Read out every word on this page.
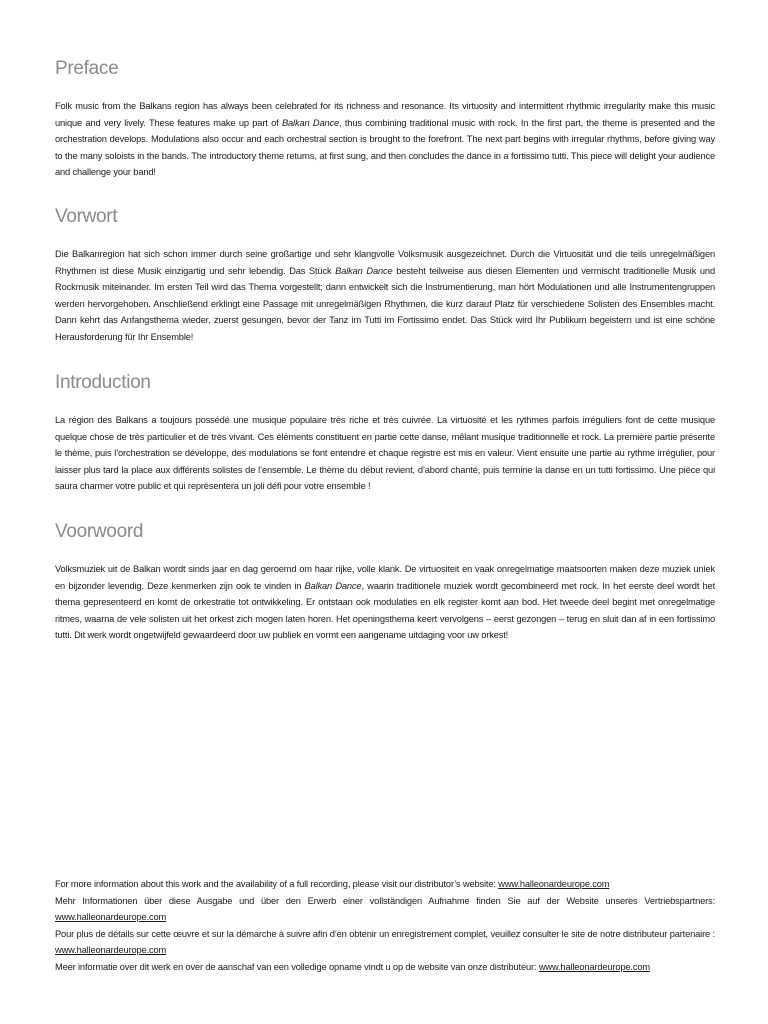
Preface

Folk music from the Balkans region has always been celebrated for its richness and resonance. Its virtuosity and intermittent rhythmic irregularity make this music unique and very lively. These features make up part of Balkan Dance, thus combining traditional music with rock. In the first part, the theme is presented and the orchestration develops. Modulations also occur and each orchestral section is brought to the forefront. The next part begins with irregular rhythms, before giving way to the many soloists in the bands. The introductory theme returns, at first sung, and then concludes the dance in a fortissimo tutti. This piece will delight your audience and challenge your band!

Vorwort

Die Balkanregion hat sich schon immer durch seine großartige und sehr klangvolle Volksmusik ausgezeichnet. Durch die Virtuosität und die teils unregelmäßigen Rhythmen ist diese Musik einzigartig und sehr lebendig. Das Stück Balkan Dance besteht teilweise aus diesen Elementen und vermischt traditionelle Musik und Rockmusik miteinander. Im ersten Teil wird das Thema vorgestellt; dann entwickelt sich die Instrumentierung, man hört Modulationen und alle Instrumentengruppen werden hervorgehoben. Anschließend erklingt eine Passage mit unregelmäßigen Rhythmen, die kurz darauf Platz für verschiedene Solisten des Ensembles macht. Dann kehrt das Anfangsthema wieder, zuerst gesungen, bevor der Tanz im Tutti im Fortissimo endet. Das Stück wird Ihr Publikum begeistern und ist eine schöne Herausforderung für Ihr Ensemble!

Introduction

La région des Balkans a toujours possédé une musique populaire très riche et très cuivrée. La virtuosité et les rythmes parfois irréguliers font de cette musique quelque chose de très particulier et de très vivant. Ces éléments constituent en partie cette danse, mêlant musique traditionnelle et rock. La première partie présente le thème, puis l’orchestration se développe, des modulations se font entendre et chaque registre est mis en valeur. Vient ensuite une partie au rythme irrégulier, pour laisser plus tard la place aux différents solistes de l’ensemble. Le thème du début revient, d’abord chanté, puis termine la danse en un tutti fortissimo. Une pièce qui saura charmer votre public et qui représentera un joli défi pour votre ensemble !

Voorwoord

Volksmuziek uit de Balkan wordt sinds jaar en dag geroemd om haar rijke, volle klank. De virtuositeit en vaak onregelmatige maatsoorten maken deze muziek uniek en bijzonder levendig. Deze kenmerken zijn ook te vinden in Balkan Dance, waarin traditionele muziek wordt gecombineerd met rock. In het eerste deel wordt het thema gepresenteerd en komt de orkestratie tot ontwikkeling. Er ontstaan ook modulaties en elk register komt aan bod. Het tweede deel begint met onregelmatige ritmes, waarna de vele solisten uit het orkest zich mogen laten horen. Het openingsthema keert vervolgens – eerst gezongen – terug en sluit dan af in een fortissimo tutti. Dit werk wordt ongetwijfeld gewaardeerd door uw publiek en vormt een aangename uitdaging voor uw orkest!

For more information about this work and the availability of a full recording, please visit our distributor’s website: www.halleonardeurope.com

Mehr Informationen über diese Ausgabe und über den Erwerb einer vollständigen Aufnahme finden Sie auf der Website unseres Vertriebspartners: www.halleonardeurope.com

Pour plus de détails sur cette œuvre et sur la démarche à suivre afin d’en obtenir un enregistrement complet, veuillez consulter le site de notre distributeur partenaire : www.halleonardeurope.com

Meer informatie over dit werk en over de aanschaf van een volledige opname vindt u op de website van onze distributeur: www.halleonardeurope.com
